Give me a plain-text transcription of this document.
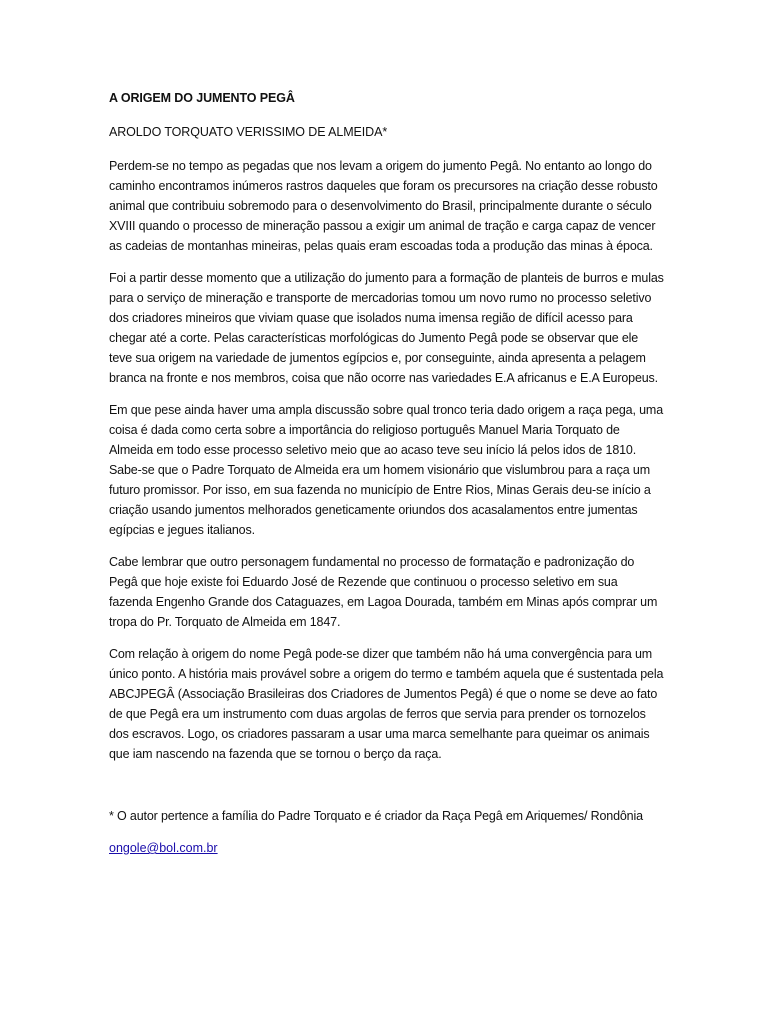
A ORIGEM DO JUMENTO PEGÂ

AROLDO TORQUATO VERISSIMO DE ALMEIDA*

Perdem-se no tempo as pegadas que nos levam a origem do jumento Pegâ. No entanto ao longo do caminho encontramos inúmeros rastros daqueles que foram os precursores na criação desse robusto animal que contribuiu sobremodo para o desenvolvimento do Brasil, principalmente durante o século XVIII quando o processo de mineração passou a exigir um animal de tração e carga capaz de vencer as cadeias de montanhas mineiras, pelas quais eram escoadas toda a produção das minas à época.

Foi a partir desse momento que a utilização do jumento para a formação de planteis de burros e mulas para o serviço de mineração e transporte de mercadorias tomou um novo rumo no processo seletivo dos criadores mineiros que viviam quase que isolados numa imensa região de difícil acesso para chegar até a corte. Pelas características morfológicas do Jumento Pegâ pode se observar que ele teve sua origem na variedade de jumentos egípcios e, por conseguinte, ainda apresenta a pelagem branca na fronte e nos membros, coisa que não ocorre nas variedades E.A africanus e E.A Europeus.

Em que pese ainda haver uma ampla discussão sobre qual tronco teria dado origem a raça pega, uma coisa é dada como certa sobre a importância do religioso português Manuel Maria Torquato de Almeida em todo esse processo seletivo meio que ao acaso teve seu início lá pelos idos de 1810. Sabe-se que o Padre Torquato de Almeida era um homem visionário que vislumbrou para a raça um futuro promissor. Por isso, em sua fazenda no município de Entre Rios, Minas Gerais deu-se início a criação usando jumentos melhorados geneticamente oriundos dos acasalamentos entre jumentas egípcias e jegues italianos.

Cabe lembrar que outro personagem fundamental no processo de formatação e padronização do Pegâ que hoje existe foi Eduardo José de Rezende que continuou o processo seletivo em sua fazenda Engenho Grande dos Cataguazes, em Lagoa Dourada, também em Minas após comprar um tropa do Pr. Torquato de Almeida em 1847.

Com relação à origem do nome Pegâ pode-se dizer que também não há uma convergência para um único ponto. A história mais provável sobre a origem do termo e também aquela que é sustentada pela ABCJPEGÂ (Associação Brasileiras dos Criadores de Jumentos Pegâ) é que o nome se deve ao fato de que Pegâ era um instrumento com duas argolas de ferros que servia para prender os tornozelos dos escravos. Logo, os criadores passaram a usar uma marca semelhante para queimar os animais que iam nascendo na fazenda que se tornou o berço da raça.

* O autor pertence a família do Padre Torquato e é criador da Raça Pegâ em Ariquemes/ Rondônia

ongole@bol.com.br
